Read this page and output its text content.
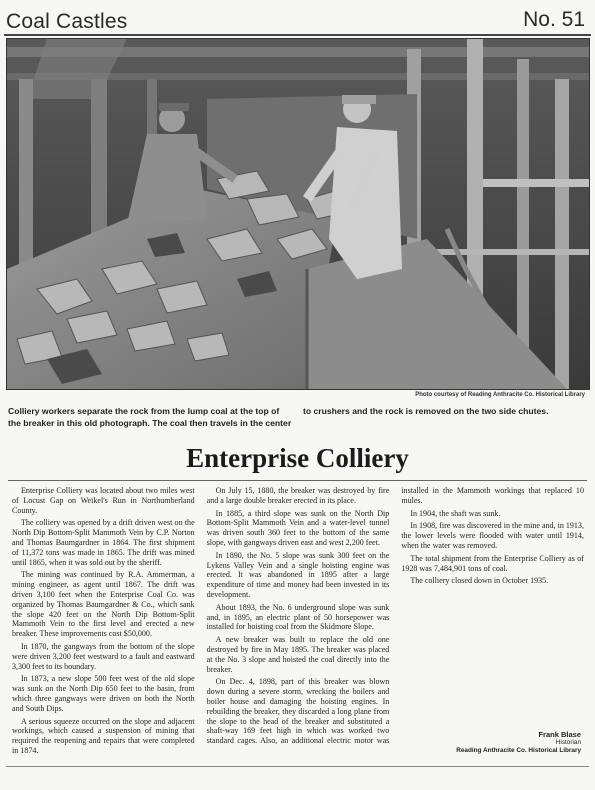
Coal Castles	No. 51
Photo courtesy of Reading Anthracite Co. Historical Library
Colliery workers separate the rock from the lump coal at the top of the breaker in this old photograph. The coal then travels in the center to crushers and the rock is removed on the two side chutes.
Enterprise Colliery

Enterprise Colliery was located about two miles west of Locust Gap on Weikel's Run in Northumberland County.

The colliery was opened by a drift driven west on the North Dip Bottom-Split Mammoth Vein by C.P. Norton and Thomas Baumgardner in 1864. The first shipment of 11,372 tons was made in 1865. The drift was mined until 1865, when it was sold out by the sheriff.

The mining was continued by R.A. Ammerman, a mining engineer, as agent until 1867. The drift was driven 3,100 feet when the Enterprise Coal Co. was organized by Thomas Baumgardner & Co., which sank the slope 420 feet on the North Dip Bottom-Split Mammoth Vein to the first level and erected a new breaker. These improvements cost $50,000.

In 1870, the gangways from the bottom of the slope were driven 3,200 feet westward to a fault and eastward 3,300 feet to its boundary.

In 1873, a new slope 500 feet west of the old slope was sunk on the North Dip 650 feet to the basin, from which three gangways were driven on both the North and South Dips.

A serious squeeze occurred on the slope and adjacent workings, which caused a suspension of mining that required the reopening and repairs that were completed in 1874.

On July 15, 1880, the breaker was destroyed by fire and a large double breaker erected in its place.

In 1885, a third slope was sunk on the North Dip Bottom-Split Mammoth Vein and a water-level tunnel was driven south 360 feet to the bottom of the same slope, with gangways driven east and west 2,200 feet.

In 1890, the No. 5 slope was sunk 300 feet on the Lykens Valley Vein and a single hoisting engine was erected. It was abandoned in 1895 after a large expenditure of time and money had been invested in its development.

About 1893, the No. 6 underground slope was sunk and, in 1895, an electric plant of 50 horsepower was installed for hoisting coal from the Skidmore Slope.

A new breaker was built to replace the old one destroyed by fire in May 1895. The breaker was placed at the No. 3 slope and hoisted the coal directly into the breaker.

On Dec. 4, 1898, part of this breaker was blown down during a severe storm, wrecking the boilers and boiler house and damaging the hoisting engines. In rebuilding the breaker, they discarded a long plane from the slope to the head of the breaker and substituted a shaft-way 169 feet high in which was worked two standard cages. Also, an additional electric motor was installed in the Mammoth workings that replaced 10 mules.

In 1904, the shaft was sunk.

In 1908, fire was discovered in the mine and, in 1913, the lower levels were flooded with water until 1914, when the water was removed.

The total shipment from the Enterprise Colliery as of 1928 was 7,484,901 tons of coal.

The colliery closed down in October 1935.

Frank Blase
Historian
Reading Anthracite Co. Historical Library
